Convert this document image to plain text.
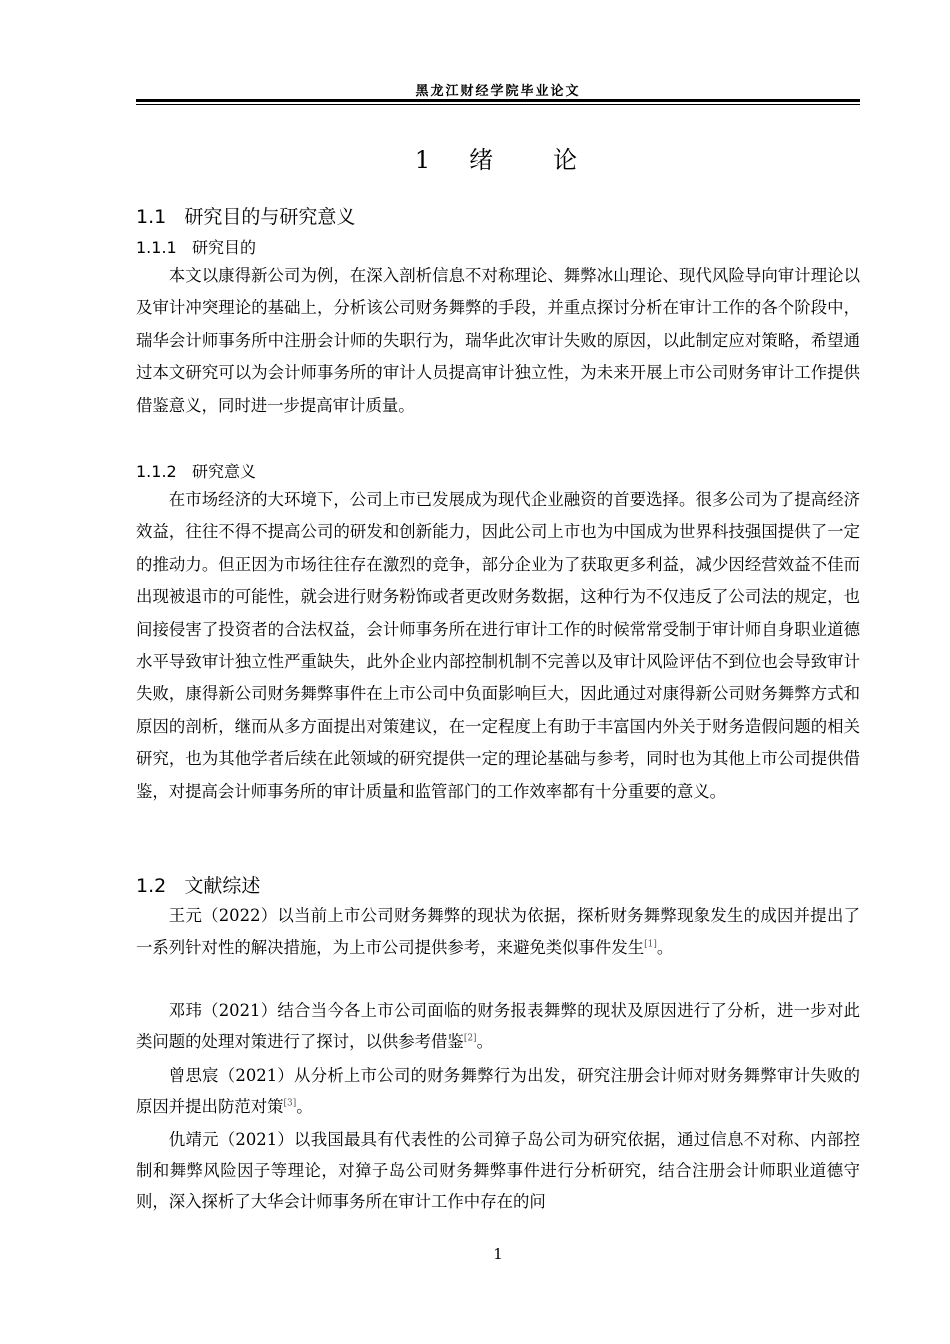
黑龙江财经学院毕业论文
1 绪　　论
1.1 研究目的与研究意义
1.1.1 研究目的
本文以康得新公司为例，在深入剖析信息不对称理论、舞弊冰山理论、现代风险导向审计理论以及审计冲突理论的基础上，分析该公司财务舞弊的手段，并重点探讨分析在审计工作的各个阶段中，瑞华会计师事务所中注册会计师的失职行为，瑞华此次审计失败的原因，以此制定应对策略，希望通过本文研究可以为会计师事务所的审计人员提高审计独立性，为未来开展上市公司财务审计工作提供借鉴意义，同时进一步提高审计质量。
1.1.2 研究意义
在市场经济的大环境下，公司上市已发展成为现代企业融资的首要选择。很多公司为了提高经济效益，往往不得不提高公司的研发和创新能力，因此公司上市也为中国成为世界科技强国提供了一定的推动力。但正因为市场往往存在激烈的竞争，部分企业为了获取更多利益，减少因经营效益不佳而出现被退市的可能性，就会进行财务粉饰或者更改财务数据，这种行为不仅违反了公司法的规定，也间接侵害了投资者的合法权益，会计师事务所在进行审计工作的时候常常受制于审计师自身职业道德水平导致审计独立性严重缺失，此外企业内部控制机制不完善以及审计风险评估不到位也会导致审计失败，康得新公司财务舞弊事件在上市公司中负面影响巨大，因此通过对康得新公司财务舞弊方式和原因的剖析，继而从多方面提出对策建议，在一定程度上有助于丰富国内外关于财务造假问题的相关研究，也为其他学者后续在此领域的研究提供一定的理论基础与参考，同时也为其他上市公司提供借鉴，对提高会计师事务所的审计质量和监管部门的工作效率都有十分重要的意义。
1.2 文献综述
王元（2022）以当前上市公司财务舞弊的现状为依据，探析财务舞弊现象发生的成因并提出了一系列针对性的解决措施，为上市公司提供参考，来避免类似事件发生[1]。
邓玮（2021）结合当今各上市公司面临的财务报表舞弊的现状及原因进行了分析，进一步对此类问题的处理对策进行了探讨，以供参考借鉴[2]。
曾思宸（2021）从分析上市公司的财务舞弊行为出发，研究注册会计师对财务舞弊审计失败的原因并提出防范对策[3]。
仇靖元（2021）以我国最具有代表性的公司獐子岛公司为研究依据，通过信息不对称、内部控制和舞弊风险因子等理论，对獐子岛公司财务舞弊事件进行分析研究，结合注册会计师职业道德守则，深入探析了大华会计师事务所在审计工作中存在的问
1
